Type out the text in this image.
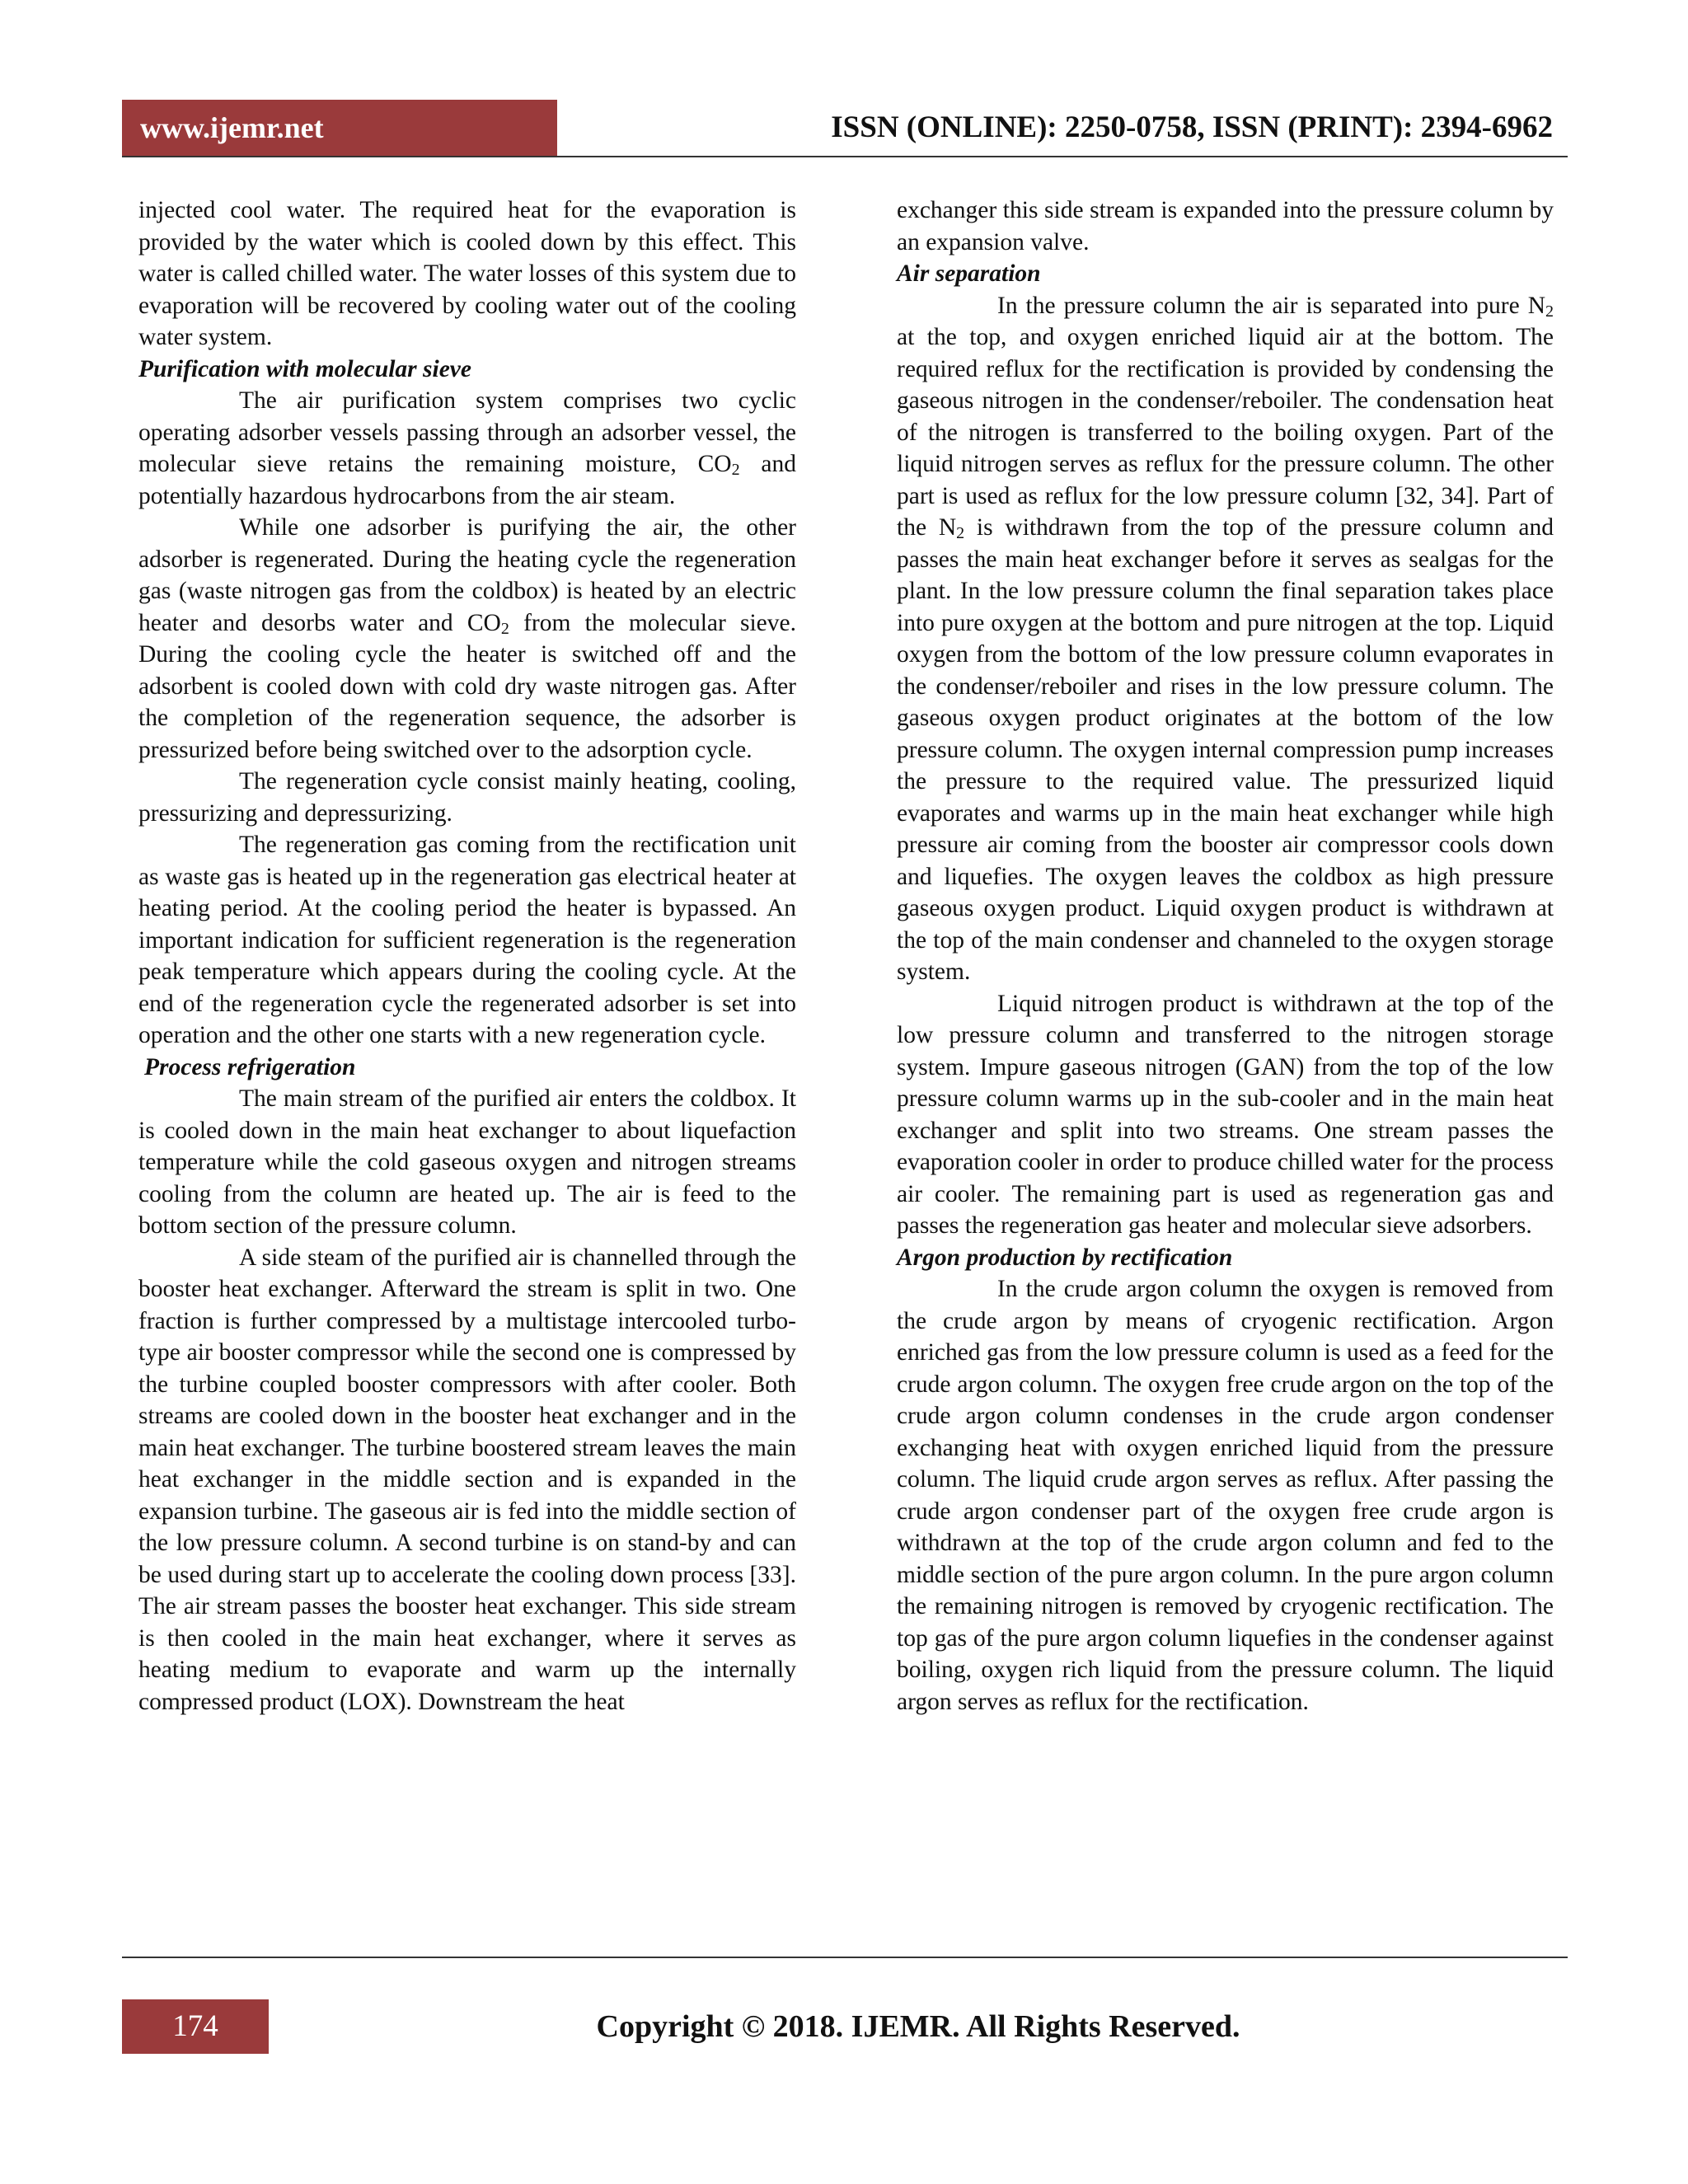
www.ijemr.net	ISSN (ONLINE): 2250-0758, ISSN (PRINT): 2394-6962

injected cool water. The required heat for the evaporation is provided by the water which is cooled down by this effect. This water is called chilled water. The water losses of this system due to evaporation will be recovered by cooling water out of the cooling water system.

Purification with molecular sieve

The air purification system comprises two cyclic operating adsorber vessels passing through an adsorber vessel, the molecular sieve retains the remaining moisture, $CO_2$ and potentially hazardous hydrocarbons from the air steam.

While one adsorber is purifying the air, the other adsorber is regenerated. During the heating cycle the regeneration gas (waste nitrogen gas from the coldbox) is heated by an electric heater and desorbs water and $CO_2$ from the molecular sieve. During the cooling cycle the heater is switched off and the adsorbent is cooled down with cold dry waste nitrogen gas. After the completion of the regeneration sequence, the adsorber is pressurized before being switched over to the adsorption cycle.

The regeneration cycle consist mainly heating, cooling, pressurizing and depressurizing.

The regeneration gas coming from the rectification unit as waste gas is heated up in the regeneration gas electrical heater at heating period. At the cooling period the heater is bypassed. An important indication for sufficient regeneration is the regeneration peak temperature which appears during the cooling cycle. At the end of the regeneration cycle the regenerated adsorber is set into operation and the other one starts with a new regeneration cycle.

Process refrigeration

The main stream of the purified air enters the coldbox. It is cooled down in the main heat exchanger to about liquefaction temperature while the cold gaseous oxygen and nitrogen streams cooling from the column are heated up. The air is feed to the bottom section of the pressure column.

A side steam of the purified air is channelled through the booster heat exchanger. Afterward the stream is split in two. One fraction is further compressed by a multistage intercooled turbo-type air booster compressor while the second one is compressed by the turbine coupled booster compressors with after cooler. Both streams are cooled down in the booster heat exchanger and in the main heat exchanger. The turbine boostered stream leaves the main heat exchanger in the middle section and is expanded in the expansion turbine. The gaseous air is fed into the middle section of the low pressure column. A second turbine is on stand-by and can be used during start up to accelerate the cooling down process [33]. The air stream passes the booster heat exchanger. This side stream is then cooled in the main heat exchanger, where it serves as heating medium to evaporate and warm up the internally compressed product (LOX). Downstream the heat

exchanger this side stream is expanded into the pressure column by an expansion valve.

Air separation

In the pressure column the air is separated into pure $N_2$ at the top, and oxygen enriched liquid air at the bottom. The required reflux for the rectification is provided by condensing the gaseous nitrogen in the condenser/reboiler. The condensation heat of the nitrogen is transferred to the boiling oxygen. Part of the liquid nitrogen serves as reflux for the pressure column. The other part is used as reflux for the low pressure column [32, 34]. Part of the $N_2$ is withdrawn from the top of the pressure column and passes the main heat exchanger before it serves as sealgas for the plant. In the low pressure column the final separation takes place into pure oxygen at the bottom and pure nitrogen at the top. Liquid oxygen from the bottom of the low pressure column evaporates in the condenser/reboiler and rises in the low pressure column. The gaseous oxygen product originates at the bottom of the low pressure column. The oxygen internal compression pump increases the pressure to the required value. The pressurized liquid evaporates and warms up in the main heat exchanger while high pressure air coming from the booster air compressor cools down and liquefies. The oxygen leaves the coldbox as high pressure gaseous oxygen product. Liquid oxygen product is withdrawn at the top of the main condenser and channeled to the oxygen storage system.

Liquid nitrogen product is withdrawn at the top of the low pressure column and transferred to the nitrogen storage system. Impure gaseous nitrogen (GAN) from the top of the low pressure column warms up in the sub-cooler and in the main heat exchanger and split into two streams. One stream passes the evaporation cooler in order to produce chilled water for the process air cooler. The remaining part is used as regeneration gas and passes the regeneration gas heater and molecular sieve adsorbers.

Argon production by rectification

In the crude argon column the oxygen is removed from the crude argon by means of cryogenic rectification. Argon enriched gas from the low pressure column is used as a feed for the crude argon column. The oxygen free crude argon on the top of the crude argon column condenses in the crude argon condenser exchanging heat with oxygen enriched liquid from the pressure column. The liquid crude argon serves as reflux. After passing the crude argon condenser part of the oxygen free crude argon is withdrawn at the top of the crude argon column and fed to the middle section of the pure argon column. In the pure argon column the remaining nitrogen is removed by cryogenic rectification. The top gas of the pure argon column liquefies in the condenser against boiling, oxygen rich liquid from the pressure column. The liquid argon serves as reflux for the rectification.

174	Copyright © 2018. IJEMR. All Rights Reserved.
